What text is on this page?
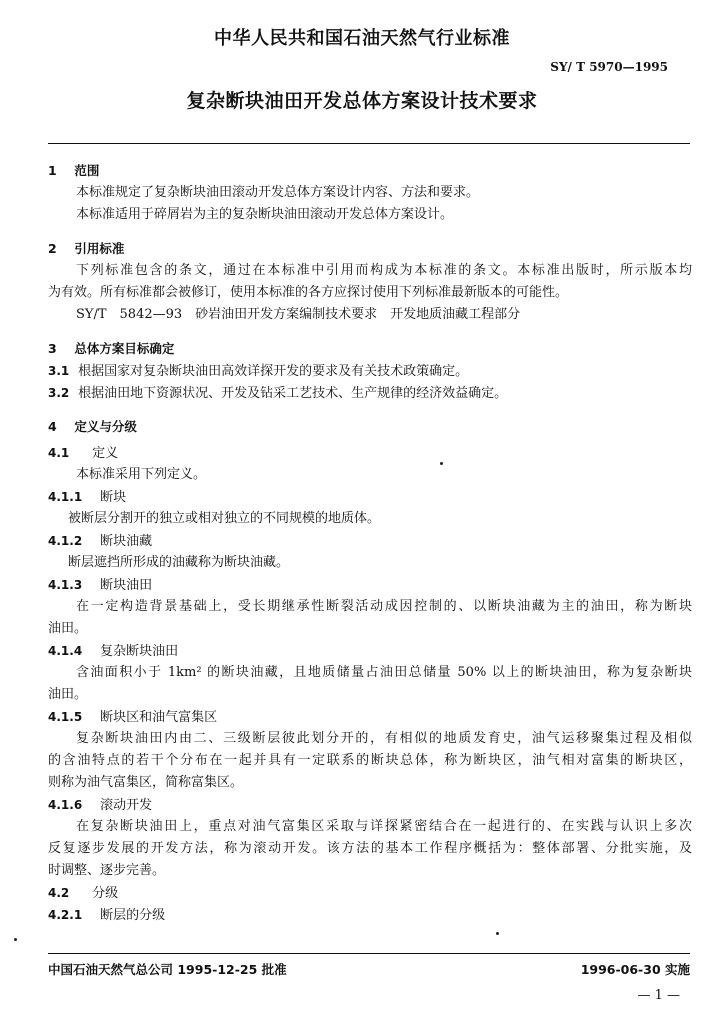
中华人民共和国石油天然气行业标准
SY/ T 5970—1995
复杂断块油田开发总体方案设计技术要求
1 范围
本标准规定了复杂断块油田滚动开发总体方案设计内容、方法和要求。
本标准适用于碎屑岩为主的复杂断块油田滚动开发总体方案设计。
2 引用标准
下列标准包含的条文，通过在本标准中引用而构成为本标准的条文。本标准出版时，所示版本均
为有效。所有标准都会被修订，使用本标准的各方应探讨使用下列标准最新版本的可能性。
SY/T　5842—93　砂岩油田开发方案编制技术要求　开发地质油藏工程部分
3 总体方案目标确定
3.1 根据国家对复杂断块油田高效详探开发的要求及有关技术政策确定。
3.2 根据油田地下资源状况、开发及钻采工艺技术、生产规律的经济效益确定。
4 定义与分级
4.1 定义
本标准采用下列定义。
4.1.1 断块
被断层分割开的独立或相对独立的不同规模的地质体。
4.1.2 断块油藏
断层遮挡所形成的油藏称为断块油藏。
4.1.3 断块油田
在一定构造背景基础上，受长期继承性断裂活动成因控制的、以断块油藏为主的油田，称为断块
油田。
4.1.4 复杂断块油田
含油面积小于 1km² 的断块油藏，且地质储量占油田总储量 50% 以上的断块油田，称为复杂断块
油田。
4.1.5 断块区和油气富集区
复杂断块油田内由二、三级断层彼此划分开的，有相似的地质发育史，油气运移聚集过程及相似
的含油特点的若干个分布在一起并具有一定联系的断块总体，称为断块区，油气相对富集的断块区，
则称为油气富集区，简称富集区。
4.1.6 滚动开发
在复杂断块油田上，重点对油气富集区采取与详探紧密结合在一起进行的、在实践与认识上多次
反复逐步发展的开发方法，称为滚动开发。该方法的基本工作程序概括为：整体部署、分批实施，及
时调整、逐步完善。
4.2 分级
4.2.1 断层的分级
中国石油天然气总公司 1995-12-25 批准	1996-06-30 实施
— 1 —
